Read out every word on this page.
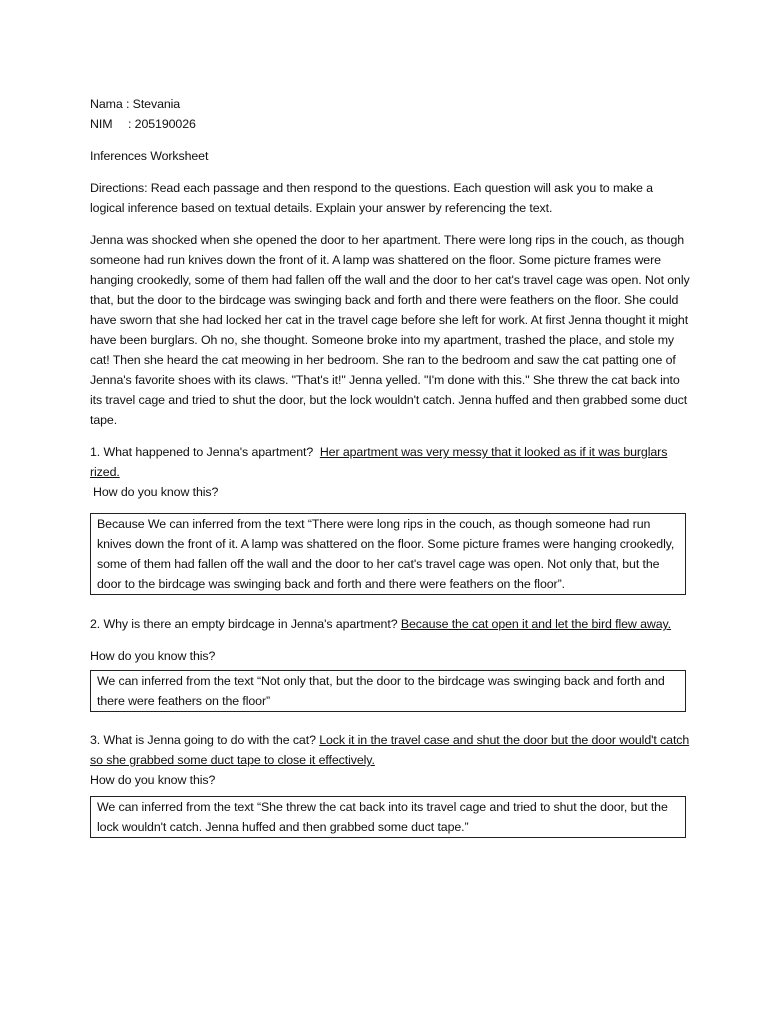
Nama : Stevania
NIM : 205190026
Inferences Worksheet
Directions: Read each passage and then respond to the questions. Each question will ask you to make a logical inference based on textual details. Explain your answer by referencing the text.
Jenna was shocked when she opened the door to her apartment. There were long rips in the couch, as though someone had run knives down the front of it. A lamp was shattered on the floor. Some picture frames were hanging crookedly, some of them had fallen off the wall and the door to her cat's travel cage was open. Not only that, but the door to the birdcage was swinging back and forth and there were feathers on the floor. She could have sworn that she had locked her cat in the travel cage before she left for work. At first Jenna thought it might have been burglars. Oh no, she thought. Someone broke into my apartment, trashed the place, and stole my cat! Then she heard the cat meowing in her bedroom. She ran to the bedroom and saw the cat patting one of Jenna's favorite shoes with its claws. "That's it!" Jenna yelled. "I'm done with this." She threw the cat back into its travel cage and tried to shut the door, but the lock wouldn't catch. Jenna huffed and then grabbed some duct tape.
1. What happened to Jenna's apartment? Her apartment was very messy that it looked as if it was burglars rized.
How do you know this?
Because We can inferred from the text “There were long rips in the couch, as though someone had run knives down the front of it. A lamp was shattered on the floor. Some picture frames were hanging crookedly, some of them had fallen off the wall and the door to her cat's travel cage was open. Not only that, but the door to the birdcage was swinging back and forth and there were feathers on the floor”.
2. Why is there an empty birdcage in Jenna's apartment? Because the cat open it and let the bird flew away.
How do you know this?
We can inferred from the text “Not only that, but the door to the birdcage was swinging back and forth and there were feathers on the floor”
3. What is Jenna going to do with the cat? Lock it in the travel case and shut the door but the door would't catch so she grabbed some duct tape to close it effectively.
How do you know this?
We can inferred from the text “She threw the cat back into its travel cage and tried to shut the door, but the lock wouldn't catch. Jenna huffed and then grabbed some duct tape.”
